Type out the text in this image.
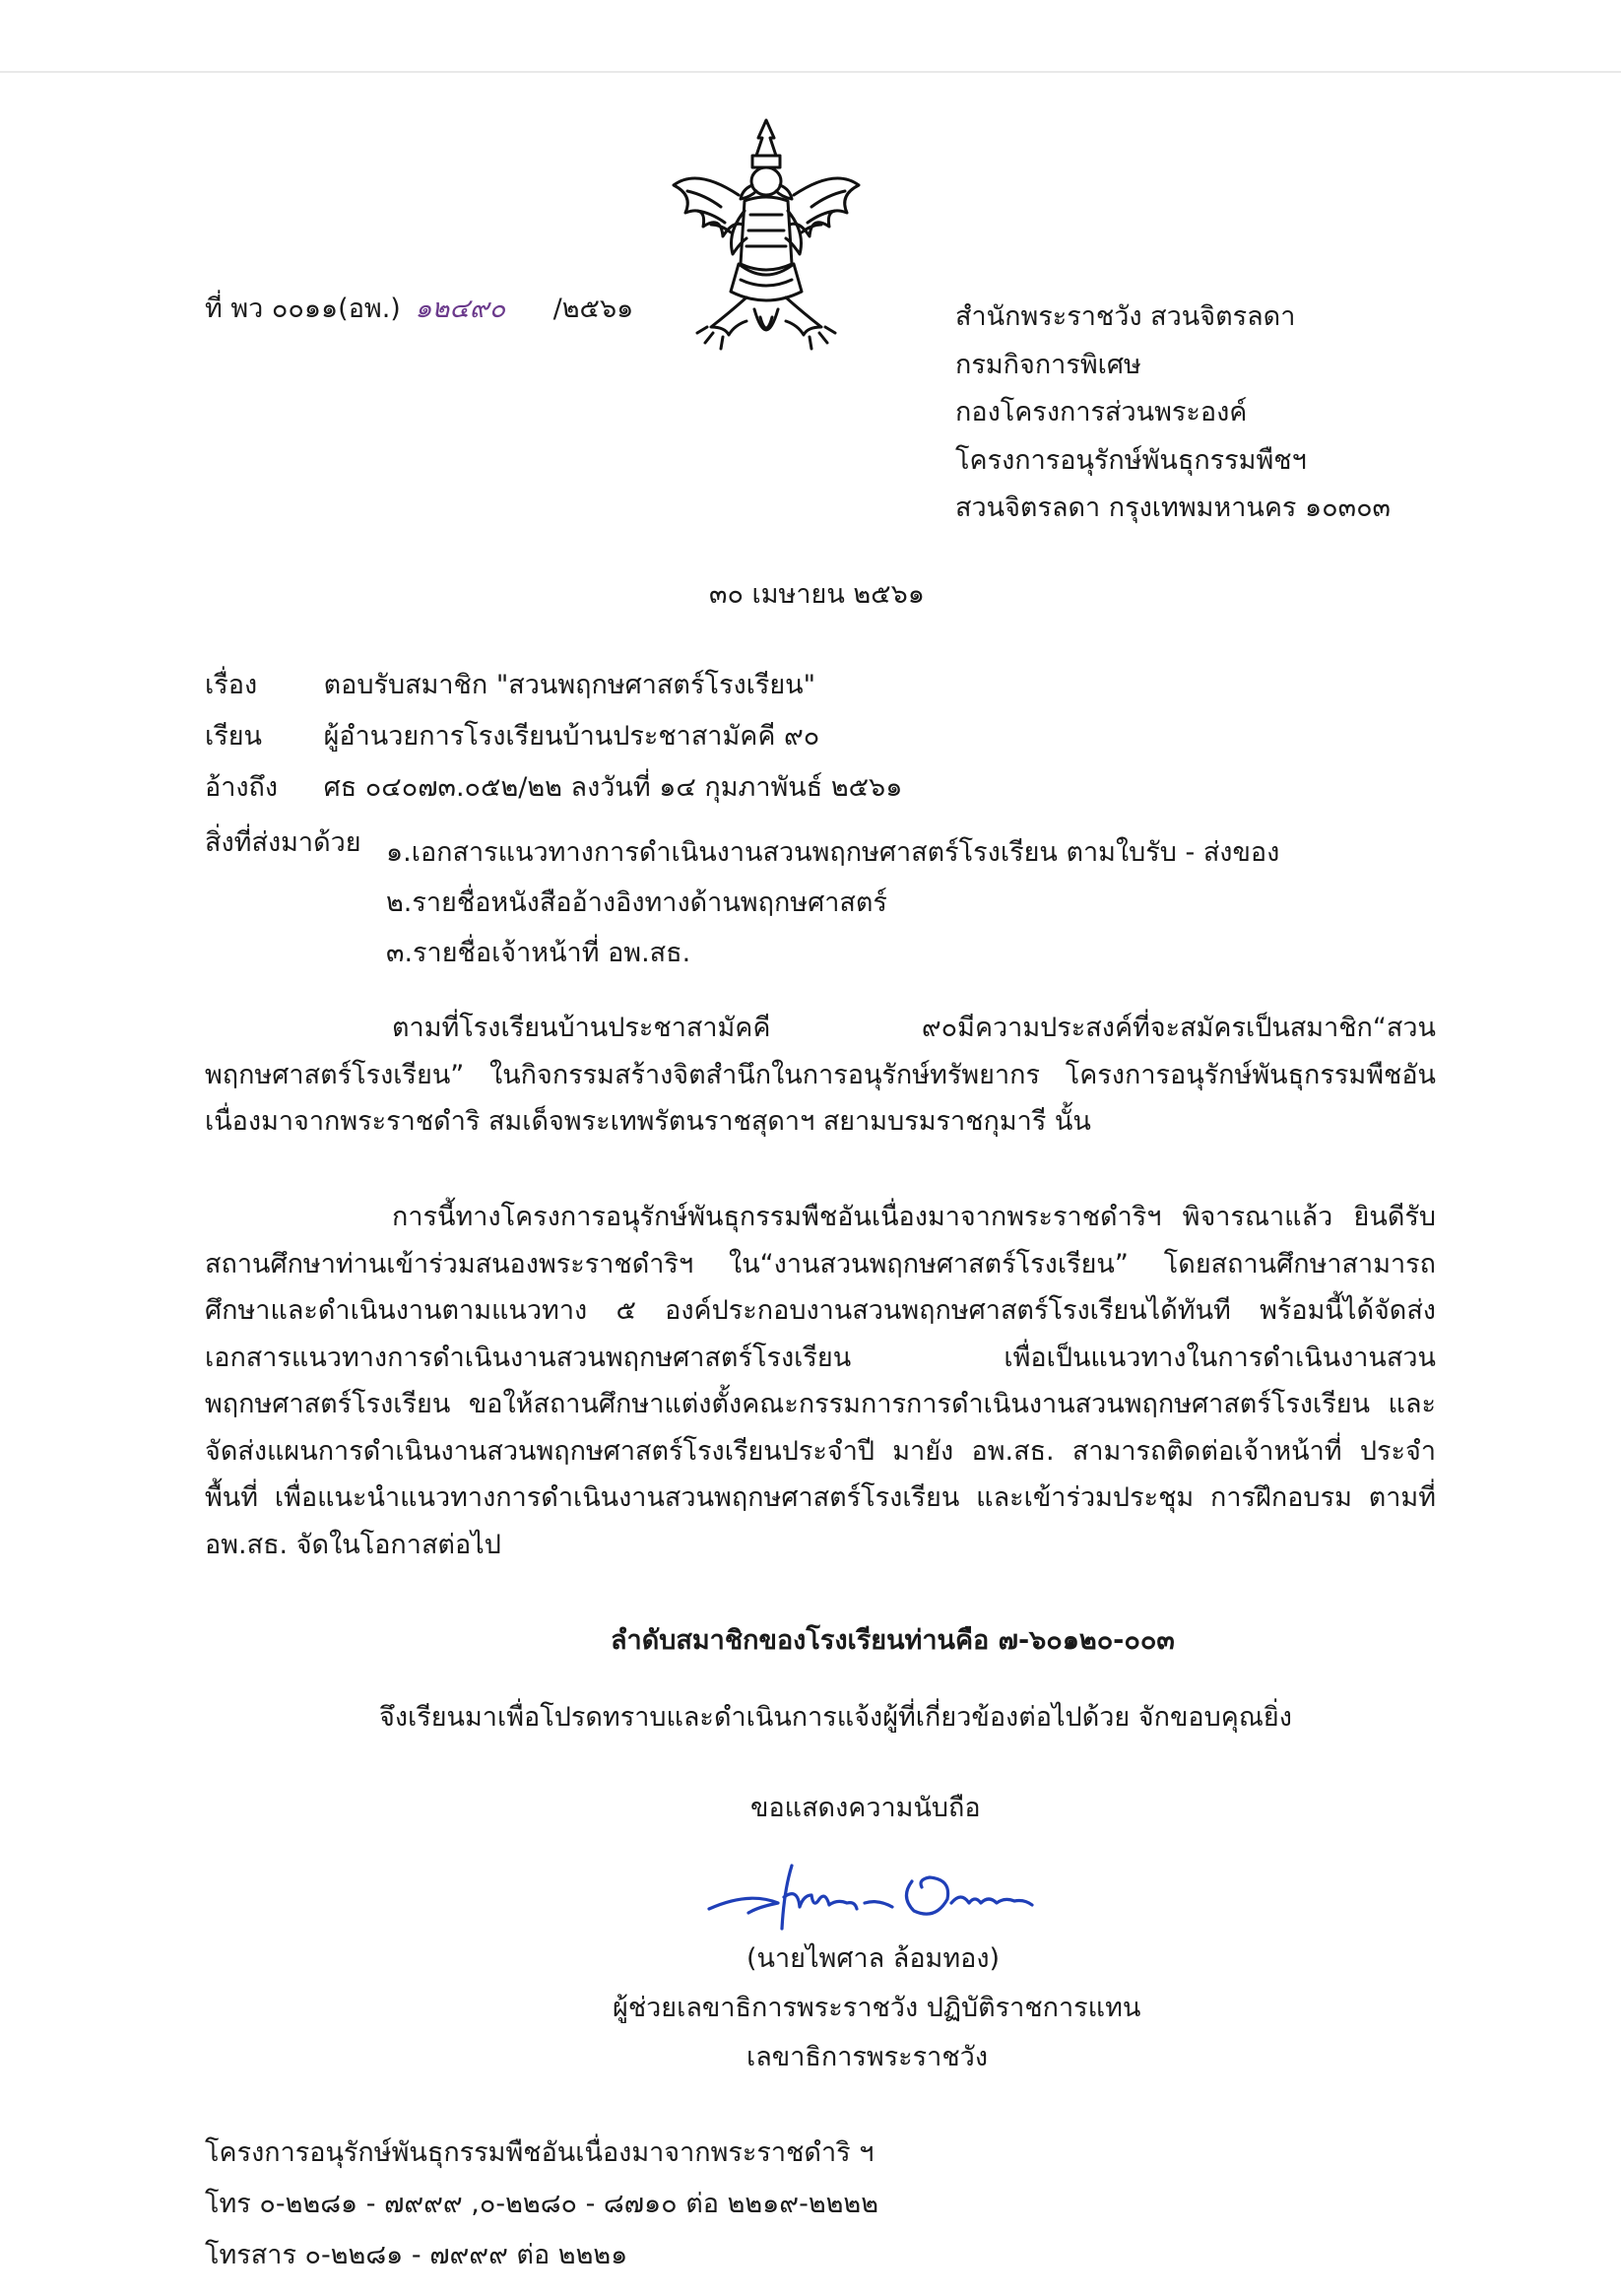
ที่ พว ๐๐๑๑(อพ.) ๑๒๔๙๐ /๒๕๖๑	สำนักพระราชวัง สวนจิตรลดา
กรมกิจการพิเศษ
กองโครงการส่วนพระองค์
โครงการอนุรักษ์พันธุกรรมพืชฯ
สวนจิตรลดา กรุงเทพมหานคร ๑๐๓๐๓
๓๐ เมษายน ๒๕๖๑
เรื่อง ตอบรับสมาชิก "สวนพฤกษศาสตร์โรงเรียน"
เรียน ผู้อำนวยการโรงเรียนบ้านประชาสามัคคี ๙๐
อ้างถึง ศธ ๐๔๐๗๓.๐๕๒/๒๒ ลงวันที่ ๑๔ กุมภาพันธ์ ๒๕๖๑
สิ่งที่ส่งมาด้วย ๑.เอกสารแนวทางการดำเนินงานสวนพฤกษศาสตร์โรงเรียน ตามใบรับ - ส่งของ
๒.รายชื่อหนังสืออ้างอิงทางด้านพฤกษศาสตร์
๓.รายชื่อเจ้าหน้าที่ อพ.สธ.

ตามที่โรงเรียนบ้านประชาสามัคคี ๙๐มีความประสงค์ที่จะสมัครเป็นสมาชิก“สวนพฤกษศาสตร์โรงเรียน” ในกิจกรรมสร้างจิตสำนึกในการอนุรักษ์ทรัพยากร โครงการอนุรักษ์พันธุกรรมพืชอันเนื่องมาจากพระราชดำริ สมเด็จพระเทพรัตนราชสุดาฯ สยามบรมราชกุมารี นั้น

การนี้ทางโครงการอนุรักษ์พันธุกรรมพืชอันเนื่องมาจากพระราชดำริฯ พิจารณาแล้ว ยินดีรับสถานศึกษาท่านเข้าร่วมสนองพระราชดำริฯ ใน“งานสวนพฤกษศาสตร์โรงเรียน” โดยสถานศึกษาสามารถศึกษาและดำเนินงานตามแนวทาง ๕ องค์ประกอบงานสวนพฤกษศาสตร์โรงเรียนได้ทันที พร้อมนี้ได้จัดส่งเอกสารแนวทางการดำเนินงานสวนพฤกษศาสตร์โรงเรียน เพื่อเป็นแนวทางในการดำเนินงานสวนพฤกษศาสตร์โรงเรียน ขอให้สถานศึกษาแต่งตั้งคณะกรรมการการดำเนินงานสวนพฤกษศาสตร์โรงเรียน และจัดส่งแผนการดำเนินงานสวนพฤกษศาสตร์โรงเรียนประจำปี มายัง อพ.สธ. สามารถติดต่อเจ้าหน้าที่ ประจำพื้นที่ เพื่อแนะนำแนวทางการดำเนินงานสวนพฤกษศาสตร์โรงเรียน และเข้าร่วมประชุม การฝึกอบรม ตามที่ อพ.สธ. จัดในโอกาสต่อไป

ลำดับสมาชิกของโรงเรียนท่านคือ ๗-๖๐๑๒๐-๐๐๓
จึงเรียนมาเพื่อโปรดทราบและดำเนินการแจ้งผู้ที่เกี่ยวข้องต่อไปด้วย จักขอบคุณยิ่ง
ขอแสดงความนับถือ
(นายไพศาล ล้อมทอง)
ผู้ช่วยเลขาธิการพระราชวัง ปฏิบัติราชการแทน
เลขาธิการพระราชวัง
โครงการอนุรักษ์พันธุกรรมพืชอันเนื่องมาจากพระราชดำริ ฯ
โทร ๐-๒๒๘๑ - ๗๙๙๙ ,๐-๒๒๘๐ - ๘๗๑๐ ต่อ ๒๒๑๙-๒๒๒๒
โทรสาร ๐-๒๒๘๑ - ๗๙๙๙ ต่อ ๒๒๒๑
